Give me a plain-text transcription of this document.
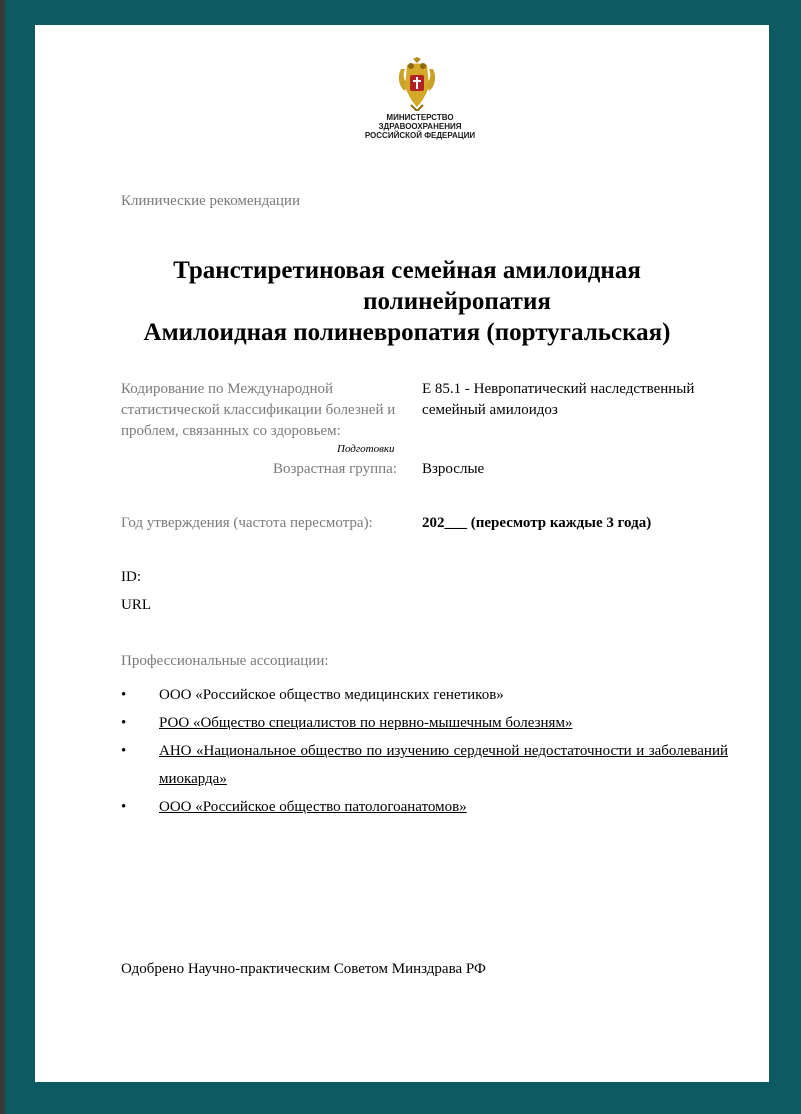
МИНИСТЕРСТВО
ЗДРАВООХРАНЕНИЯ
РОССИЙСКОЙ ФЕДЕРАЦИИ
Клинические рекомендации
Транстиретиновая семейная амилоидная

полинейропатия
Амилоидная полиневропатия (португальская)
Кодирование по Международной статистической классификации болезней и проблем, связанных со здоровьем:
Е 85.1 - Невропатический наследственный семейный амилоидоз
Подготовки
Возрастная группа: Взрослые
Год утверждения (частота пересмотра):	202___ (пересмотр каждые 3 года)
ID:
URL
Профессиональные ассоциации:
• ООО «Российское общество медицинских генетиков»
• РОО «Общество специалистов по нервно-мышечным болезням»
• АНО «Национальное общество по изучению сердечной недостаточности и заболеваний миокарда»
• ООО «Российское общество патологоанатомов»
Одобрено Научно-практическим Советом Минздрава РФ
